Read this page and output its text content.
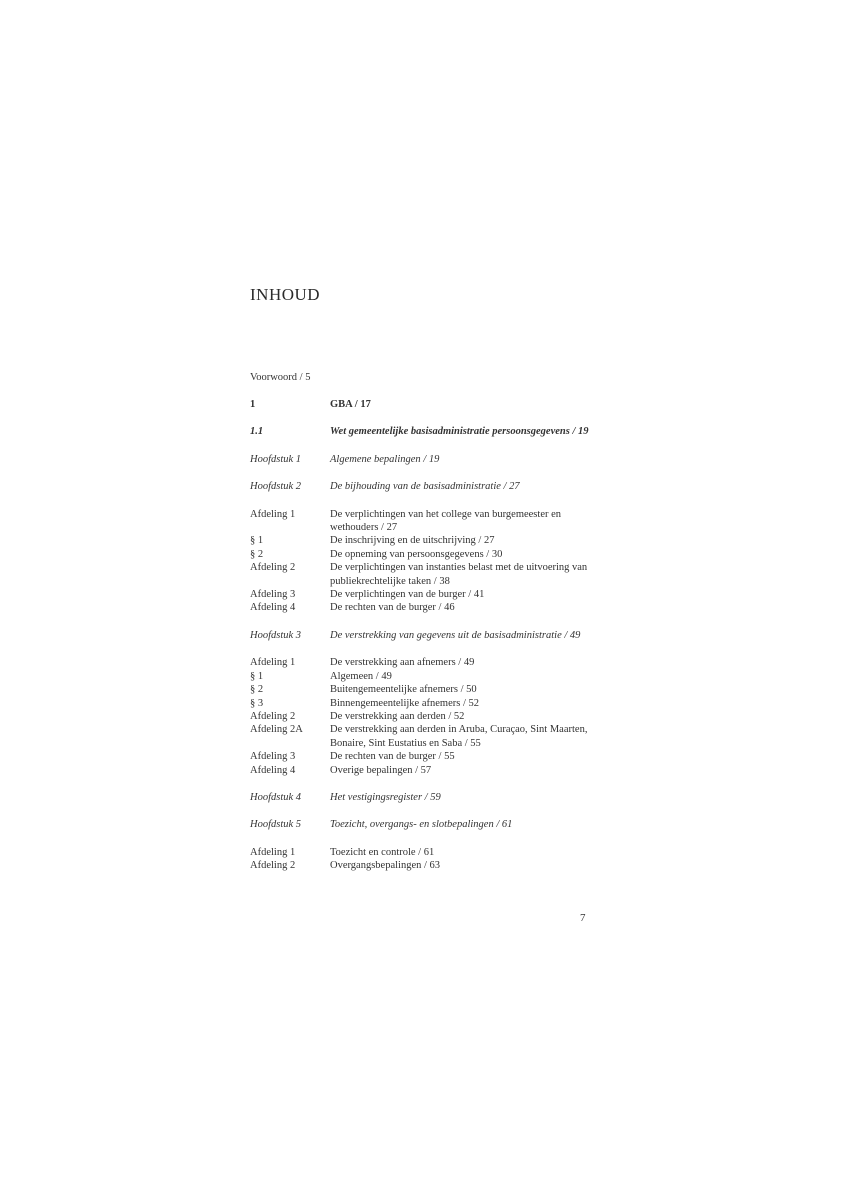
INHOUD
Voorwoord / 5
1	GBA / 17
1.1	Wet gemeentelijke basisadministratie persoonsgegevens / 19
Hoofdstuk 1	Algemene bepalingen / 19
Hoofdstuk 2	De bijhouding van de basisadministratie / 27
Afdeling 1	De verplichtingen van het college van burgemeester en wethouders / 27
§ 1	De inschrijving en de uitschrijving / 27
§ 2	De opneming van persoonsgegevens / 30
Afdeling 2	De verplichtingen van instanties belast met de uitvoering van publiekrechtelijke taken / 38
Afdeling 3	De verplichtingen van de burger / 41
Afdeling 4	De rechten van de burger / 46
Hoofdstuk 3	De verstrekking van gegevens uit de basisadministratie / 49
Afdeling 1	De verstrekking aan afnemers / 49
§ 1	Algemeen / 49
§ 2	Buitengemeentelijke afnemers / 50
§ 3	Binnengemeentelijke afnemers / 52
Afdeling 2	De verstrekking aan derden / 52
Afdeling 2A	De verstrekking aan derden in Aruba, Curaçao, Sint Maarten, Bonaire, Sint Eustatius en Saba / 55
Afdeling 3	De rechten van de burger / 55
Afdeling 4	Overige bepalingen / 57
Hoofdstuk 4	Het vestigingsregister / 59
Hoofdstuk 5	Toezicht, overgangs- en slotbepalingen / 61
Afdeling 1	Toezicht en controle / 61
Afdeling 2	Overgangsbepalingen / 63
7
